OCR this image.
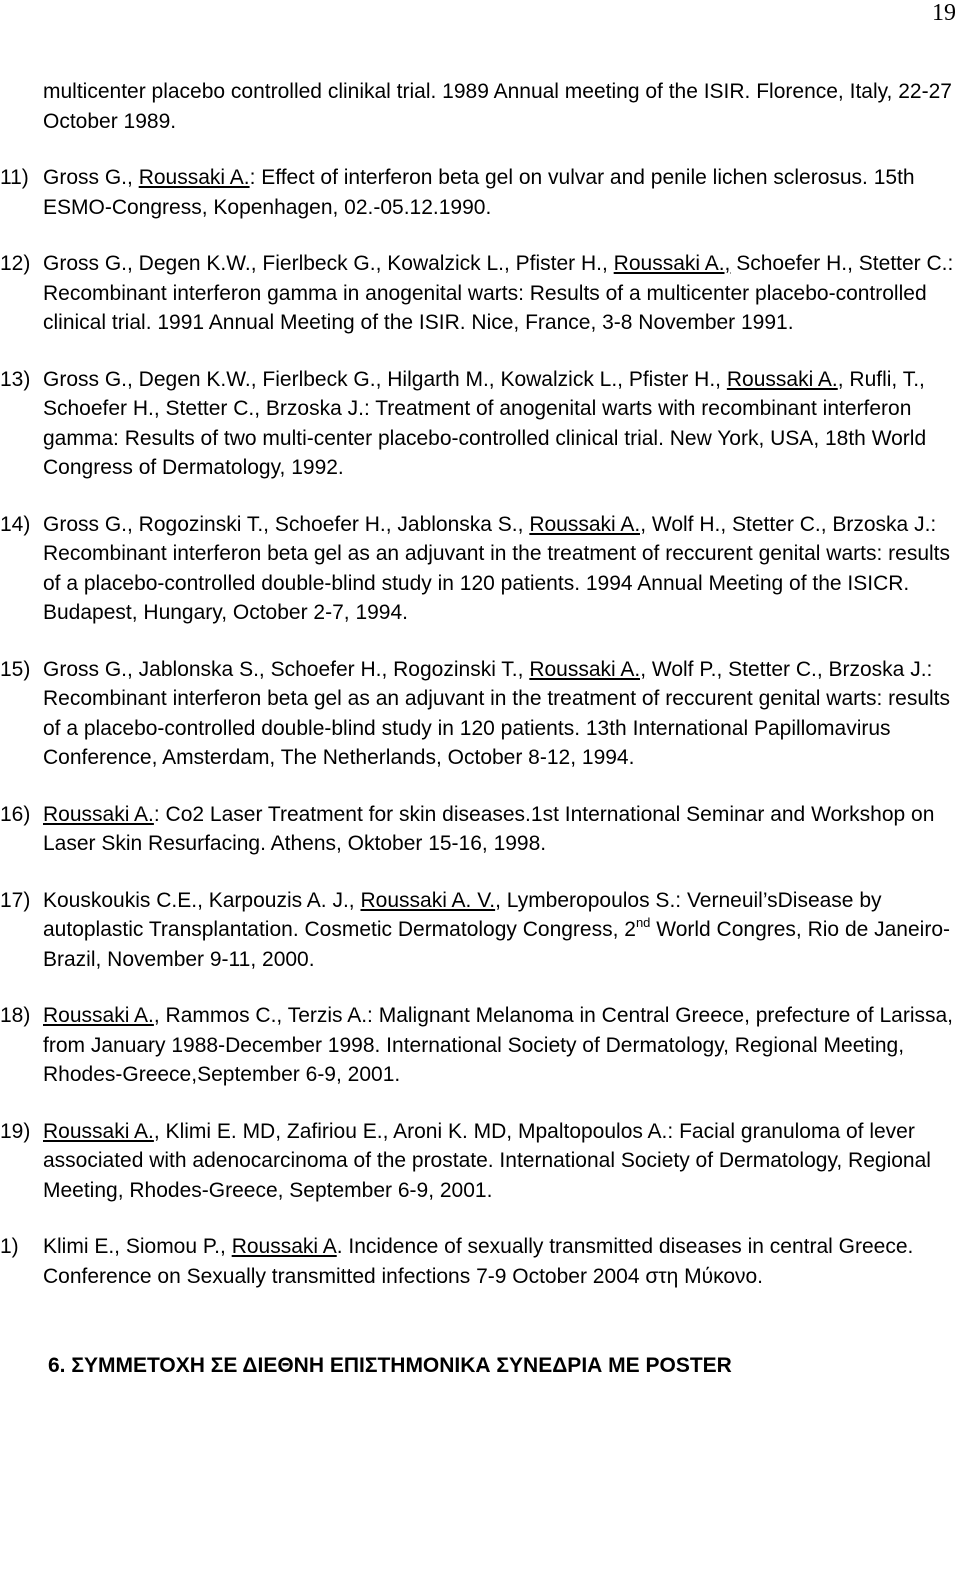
19
multicenter placebo controlled clinikal trial. 1989 Annual meeting of the ISIR. Florence, Italy, 22-27 October 1989.
11) Gross G., Roussaki A.: Effect of interferon beta gel on vulvar and penile lichen sclerosus. 15th ESMO-Congress, Kopenhagen, 02.-05.12.1990.
12) Gross G., Degen K.W., Fierlbeck G., Kowalzick L., Pfister H., Roussaki A., Schoefer H., Stetter C.: Recombinant interferon gamma in anogenital warts: Results of a multicenter placebo-controlled clinical trial. 1991 Annual Meeting of the ISIR. Nice, France, 3-8 November 1991.
13) Gross G., Degen K.W., Fierlbeck G., Hilgarth M., Kowalzick L., Pfister H., Roussaki A., Rufli, T., Schoefer H., Stetter C., Brzoska J.: Treatment of anogenital warts with recombinant interferon gamma: Results of two multi-center placebo-controlled clinical trial. New York, USA, 18th World Congress of Dermatology, 1992.
14) Gross G., Rogozinski T., Schoefer H., Jablonska S., Roussaki A., Wolf H., Stetter C., Brzoska J.: Recombinant interferon beta gel as an adjuvant in the treatment of reccurent genital warts: results of a placebo-controlled double-blind study in 120 patients. 1994 Annual Meeting of the ISICR. Budapest, Hungary, October 2-7, 1994.
15) Gross G., Jablonska S., Schoefer H., Rogozinski T., Roussaki A., Wolf P., Stetter C., Brzoska J.: Recombinant interferon beta gel as an adjuvant in the treatment of reccurent genital warts: results of a placebo-controlled double-blind study in 120 patients. 13th International Papillomavirus Conference, Amsterdam, The Netherlands, October 8-12, 1994.
16) Roussaki A.: Co2 Laser Treatment for skin diseases.1st International Seminar and Workshop on Laser Skin Resurfacing. Athens, Oktober 15-16, 1998.
17) Kouskoukis C.E., Karpouzis A. J., Roussaki A. V., Lymberopoulos S.: Verneuil’sDisease by autoplastic Transplantation. Cosmetic Dermatology Congress, 2nd World Congres, Rio de Janeiro-Brazil, November 9-11, 2000.
18) Roussaki A., Rammos C., Terzis A.: Malignant Melanoma in Central Greece, prefecture of Larissa, from January 1988-December 1998. International Society of Dermatology, Regional Meeting, Rhodes-Greece,September 6-9, 2001.
19) Roussaki A., Klimi E. MD, Zafiriou E., Aroni K. MD, Mpaltopoulos A.: Facial granuloma of lever associated with adenocarcinoma of the prostate. International Society of Dermatology, Regional Meeting, Rhodes-Greece, September 6-9, 2001.
1) Klimi E., Siomou P., Roussaki A. Incidence of sexually transmitted diseases in central Greece. Conference on Sexually transmitted infections 7-9 October 2004 στη Μύκονο.
6. ΣΥΜΜΕΤΟΧΗ ΣΕ ΔΙΕΘΝΗ ΕΠΙΣΤΗΜΟΝΙΚΑ ΣΥΝΕΔΡΙΑ ΜΕ POSTER
